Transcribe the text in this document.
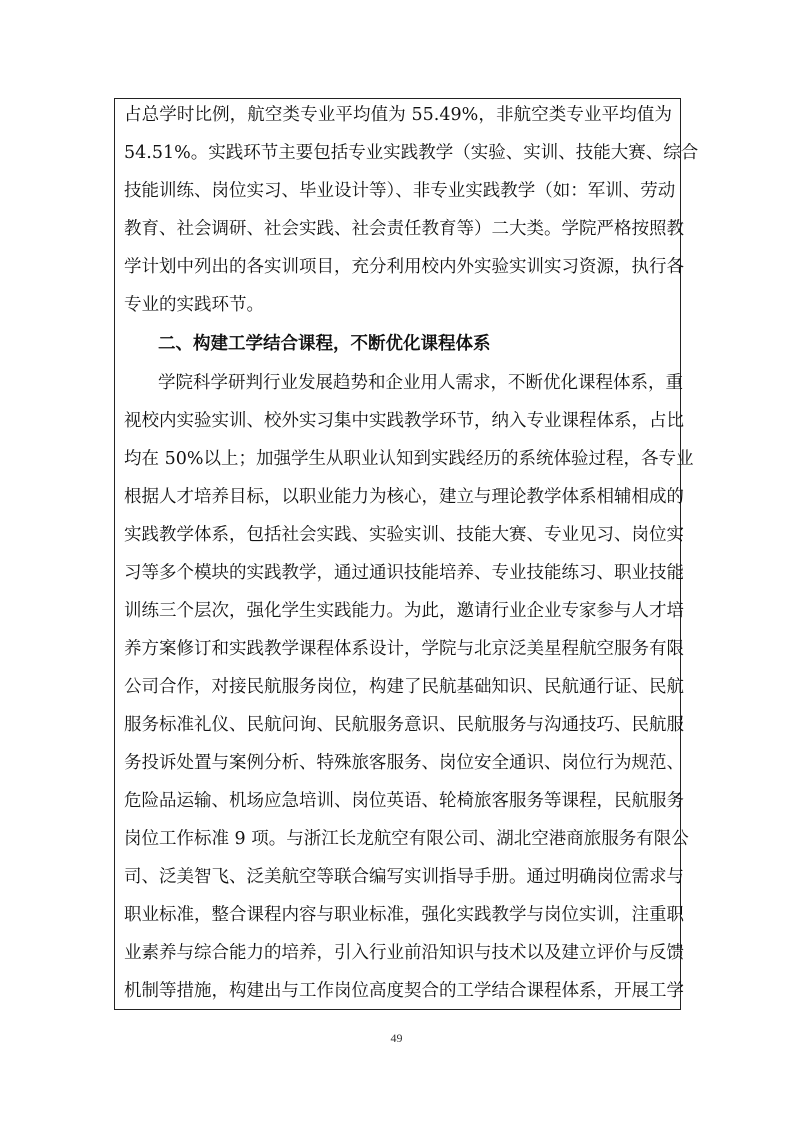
占总学时比例，航空类专业平均值为 55.49%，非航空类专业平均值为
54.51%。实践环节主要包括专业实践教学（实验、实训、技能大赛、综合
技能训练、岗位实习、毕业设计等）、非专业实践教学（如：军训、劳动
教育、社会调研、社会实践、社会责任教育等）二大类。学院严格按照教
学计划中列出的各实训项目，充分利用校内外实验实训实习资源，执行各
专业的实践环节。
二、构建工学结合课程，不断优化课程体系
学院科学研判行业发展趋势和企业用人需求，不断优化课程体系，重
视校内实验实训、校外实习集中实践教学环节，纳入专业课程体系，占比
均在 50%以上；加强学生从职业认知到实践经历的系统体验过程，各专业
根据人才培养目标，以职业能力为核心，建立与理论教学体系相辅相成的
实践教学体系，包括社会实践、实验实训、技能大赛、专业见习、岗位实
习等多个模块的实践教学，通过通识技能培养、专业技能练习、职业技能
训练三个层次，强化学生实践能力。为此，邀请行业企业专家参与人才培
养方案修订和实践教学课程体系设计，学院与北京泛美星程航空服务有限
公司合作，对接民航服务岗位，构建了民航基础知识、民航通行证、民航
服务标准礼仪、民航问询、民航服务意识、民航服务与沟通技巧、民航服
务投诉处置与案例分析、特殊旅客服务、岗位安全通识、岗位行为规范、
危险品运输、机场应急培训、岗位英语、轮椅旅客服务等课程，民航服务
岗位工作标准 9 项。与浙江长龙航空有限公司、湖北空港商旅服务有限公
司、泛美智飞、泛美航空等联合编写实训指导手册。通过明确岗位需求与
职业标准，整合课程内容与职业标准，强化实践教学与岗位实训，注重职
业素养与综合能力的培养，引入行业前沿知识与技术以及建立评价与反馈
机制等措施，构建出与工作岗位高度契合的工学结合课程体系，开展工学
49
